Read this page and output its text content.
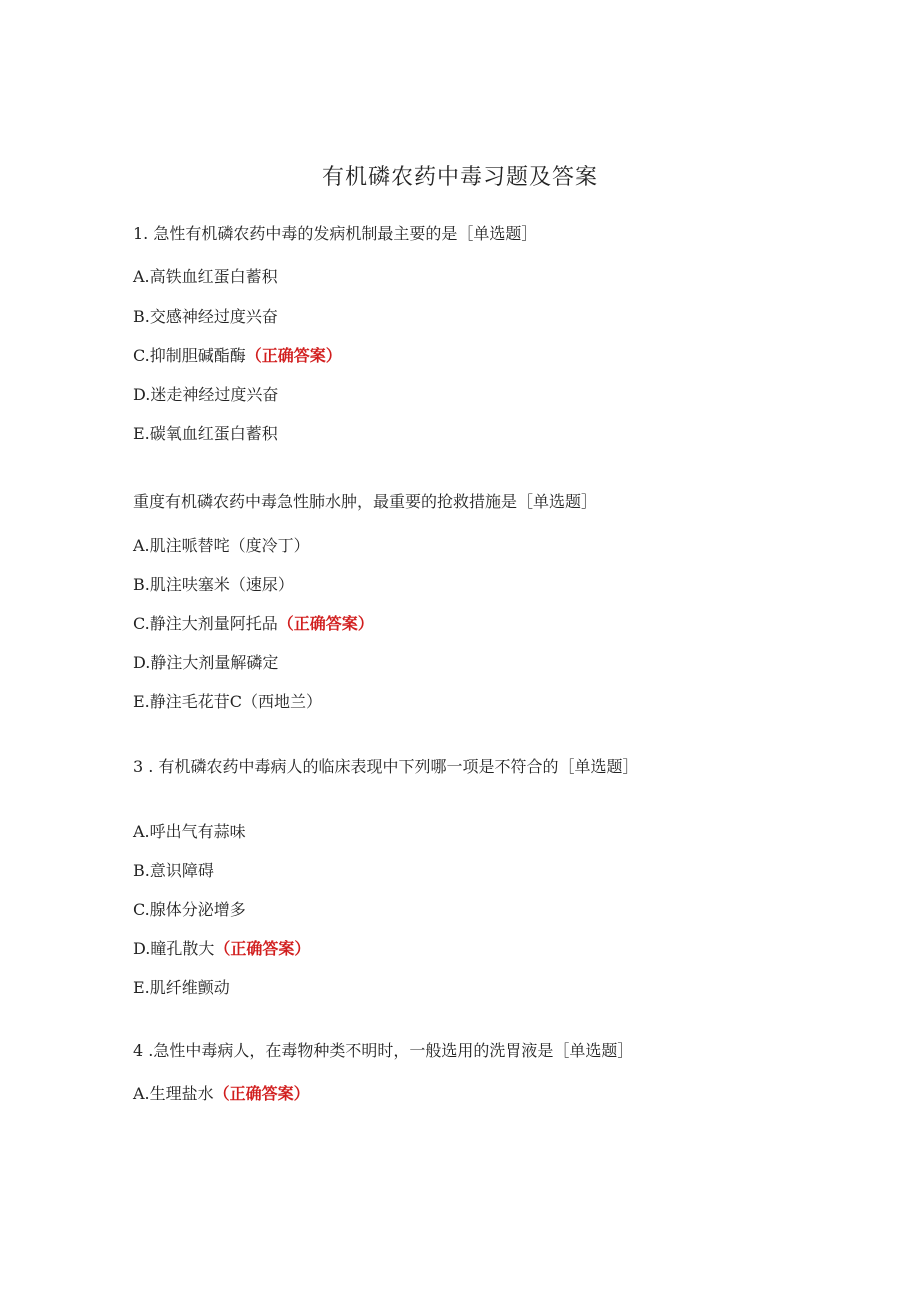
有机磷农药中毒习题及答案
1. 急性有机磷农药中毒的发病机制最主要的是［单选题］
A.高铁血红蛋白蓄积
B.交感神经过度兴奋
C.抑制胆碱酯酶（正确答案）
D.迷走神经过度兴奋
E.碳氧血红蛋白蓄积
重度有机磷农药中毒急性肺水肿，最重要的抢救措施是［单选题］
A.肌注哌替咤（度冷丁）
B.肌注呋塞米（速尿）
C.静注大剂量阿托品（正确答案）
D.静注大剂量解磷定
E.静注毛花苷C（西地兰）
3 . 有机磷农药中毒病人的临床表现中下列哪一项是不符合的［单选题］
A.呼出气有蒜味
B.意识障碍
C.腺体分泌增多
D.瞳孔散大（正确答案）
E.肌纤维颤动
4 .急性中毒病人，在毒物种类不明时，一般选用的洗胃液是［单选题］
A.生理盐水（正确答案）
